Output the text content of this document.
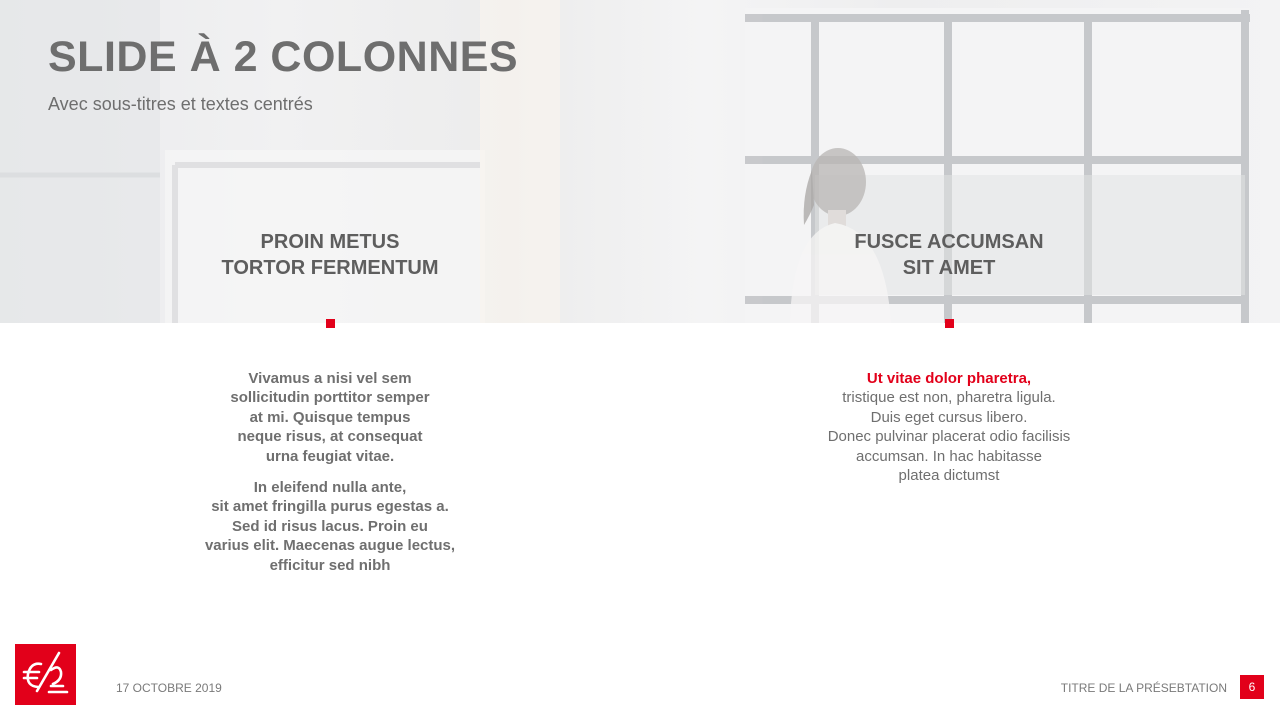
SLIDE À 2 COLONNES

Avec sous-titres et textes centrés

PROIN METUS
TORTOR FERMENTUM

Vivamus a nisi vel sem
sollicitudin porttitor semper
at mi. Quisque tempus
neque risus, at consequat
urna feugiat vitae.

In eleifend nulla ante,
sit amet fringilla purus egestas a.
Sed id risus lacus. Proin eu
varius elit. Maecenas augue lectus,
efficitur sed nibh

FUSCE ACCUMSAN
SIT AMET

Ut vitae dolor pharetra,
tristique est non, pharetra ligula.
Duis eget cursus libero.
Donec pulvinar placerat odio facilisis
accumsan. In hac habitasse
platea dictumst

17 OCTOBRE 2019	TITRE DE LA PRÉSEBTATION	6
